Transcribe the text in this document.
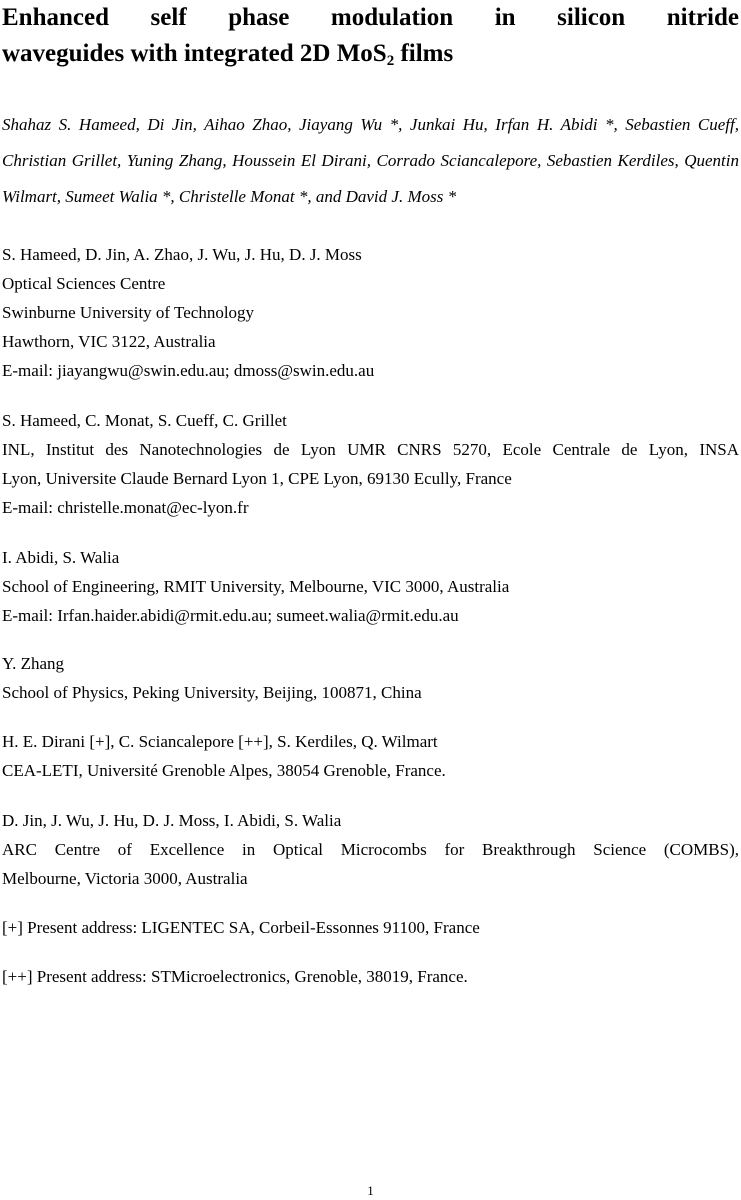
Enhanced self phase modulation in silicon nitride
waveguides with integrated 2D MoS$_2$ films

Shahaz S. Hameed, Di Jin, Aihao Zhao, Jiayang Wu *, Junkai Hu, Irfan H. Abidi *, Sebastien Cueff, Christian Grillet, Yuning Zhang, Houssein El Dirani, Corrado Sciancalepore, Sebastien Kerdiles, Quentin Wilmart, Sumeet Walia *, Christelle Monat *, and David J. Moss *

S. Hameed, D. Jin, A. Zhao, J. Wu, J. Hu, D. J. Moss
Optical Sciences Centre
Swinburne University of Technology
Hawthorn, VIC 3122, Australia
E-mail: jiayangwu@swin.edu.au; dmoss@swin.edu.au
S. Hameed, C. Monat, S. Cueff, C. Grillet
INL, Institut des Nanotechnologies de Lyon UMR CNRS 5270, Ecole Centrale de Lyon, INSA
Lyon, Universite Claude Bernard Lyon 1, CPE Lyon, 69130 Ecully, France
E-mail: christelle.monat@ec-lyon.fr
I. Abidi, S. Walia
School of Engineering, RMIT University, Melbourne, VIC 3000, Australia
E-mail: Irfan.haider.abidi@rmit.edu.au; sumeet.walia@rmit.edu.au
Y. Zhang
School of Physics, Peking University, Beijing, 100871, China
H. E. Dirani [+], C. Sciancalepore [++], S. Kerdiles, Q. Wilmart
CEA-LETI, Université Grenoble Alpes, 38054 Grenoble, France.
D. Jin, J. Wu, J. Hu, D. J. Moss, I. Abidi, S. Walia
ARC Centre of Excellence in Optical Microcombs for Breakthrough Science (COMBS),
Melbourne, Victoria 3000, Australia
[+] Present address: LIGENTEC SA, Corbeil-Essonnes 91100, France
[++] Present address: STMicroelectronics, Grenoble, 38019, France.
1
